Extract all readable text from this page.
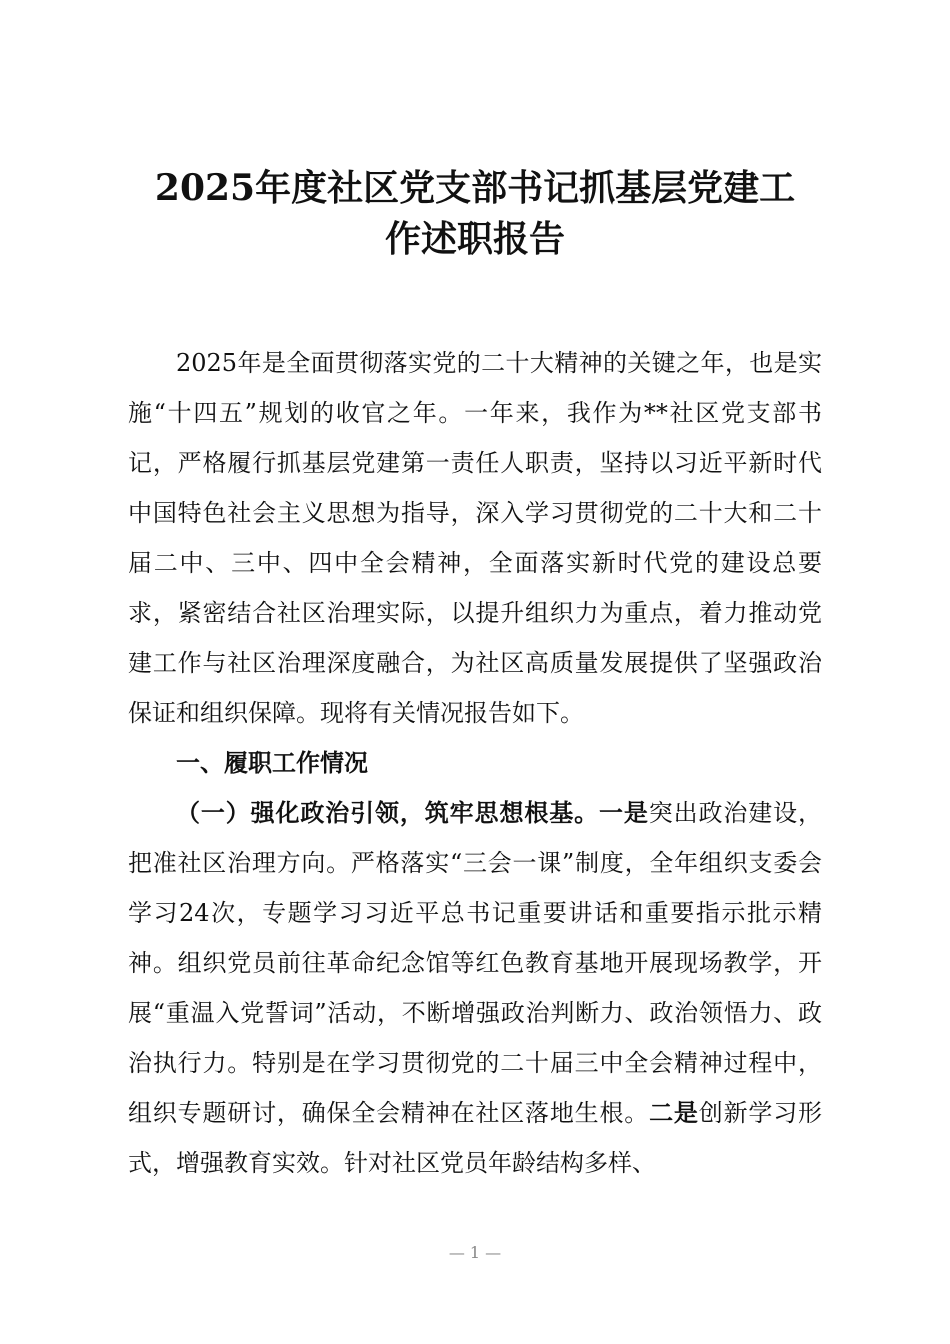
2025年度社区党支部书记抓基层党建工
作述职报告

2025年是全面贯彻落实党的二十大精神的关键之年，也是实施“十四五”规划的收官之年。一年来，我作为**社区党支部书记，严格履行抓基层党建第一责任人职责，坚持以习近平新时代中国特色社会主义思想为指导，深入学习贯彻党的二十大和二十届二中、三中、四中全会精神，全面落实新时代党的建设总要求，紧密结合社区治理实际，以提升组织力为重点，着力推动党建工作与社区治理深度融合，为社区高质量发展提供了坚强政治保证和组织保障。现将有关情况报告如下。

一、履职工作情况

（一）强化政治引领，筑牢思想根基。一是突出政治建设，把准社区治理方向。严格落实“三会一课”制度，全年组织支委会学习24次，专题学习习近平总书记重要讲话和重要指示批示精神。组织党员前往革命纪念馆等红色教育基地开展现场教学，开展“重温入党誓词”活动，不断增强政治判断力、政治领悟力、政治执行力。特别是在学习贯彻党的二十届三中全会精神过程中，组织专题研讨，确保全会精神在社区落地生根。二是创新学习形式，增强教育实效。针对社区党员年龄结构多样、

— 1 —
